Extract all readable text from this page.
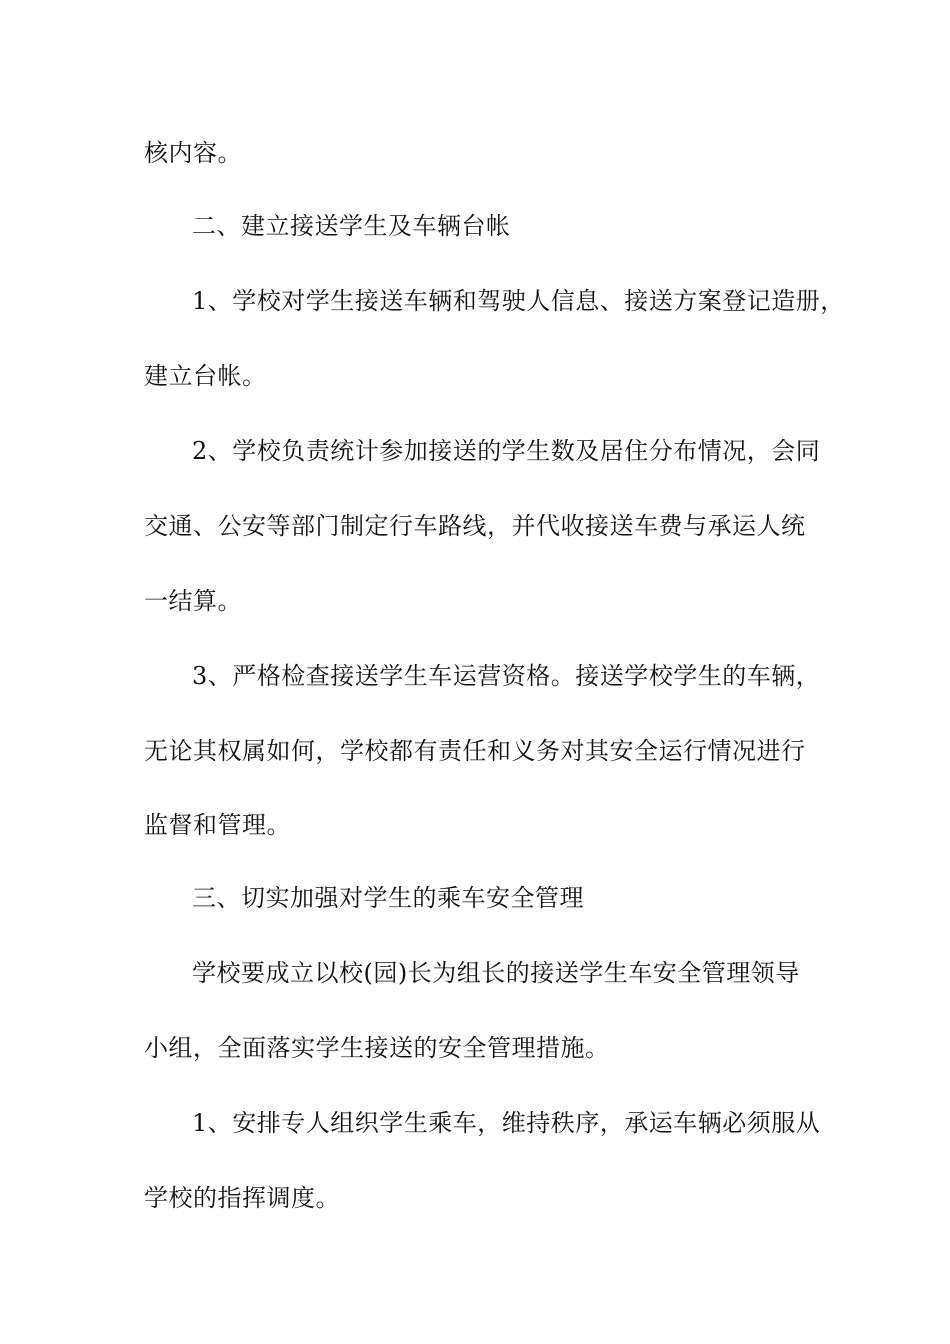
核内容。
二、建立接送学生及车辆台帐
1、学校对学生接送车辆和驾驶人信息、接送方案登记造册，
建立台帐。
2、学校负责统计参加接送的学生数及居住分布情况，会同
交通、公安等部门制定行车路线，并代收接送车费与承运人统
一结算。
3、严格检查接送学生车运营资格。接送学校学生的车辆，
无论其权属如何，学校都有责任和义务对其安全运行情况进行
监督和管理。
三、切实加强对学生的乘车安全管理
学校要成立以校(园)长为组长的接送学生车安全管理领导
小组，全面落实学生接送的安全管理措施。
1、安排专人组织学生乘车，维持秩序，承运车辆必须服从
学校的指挥调度。
